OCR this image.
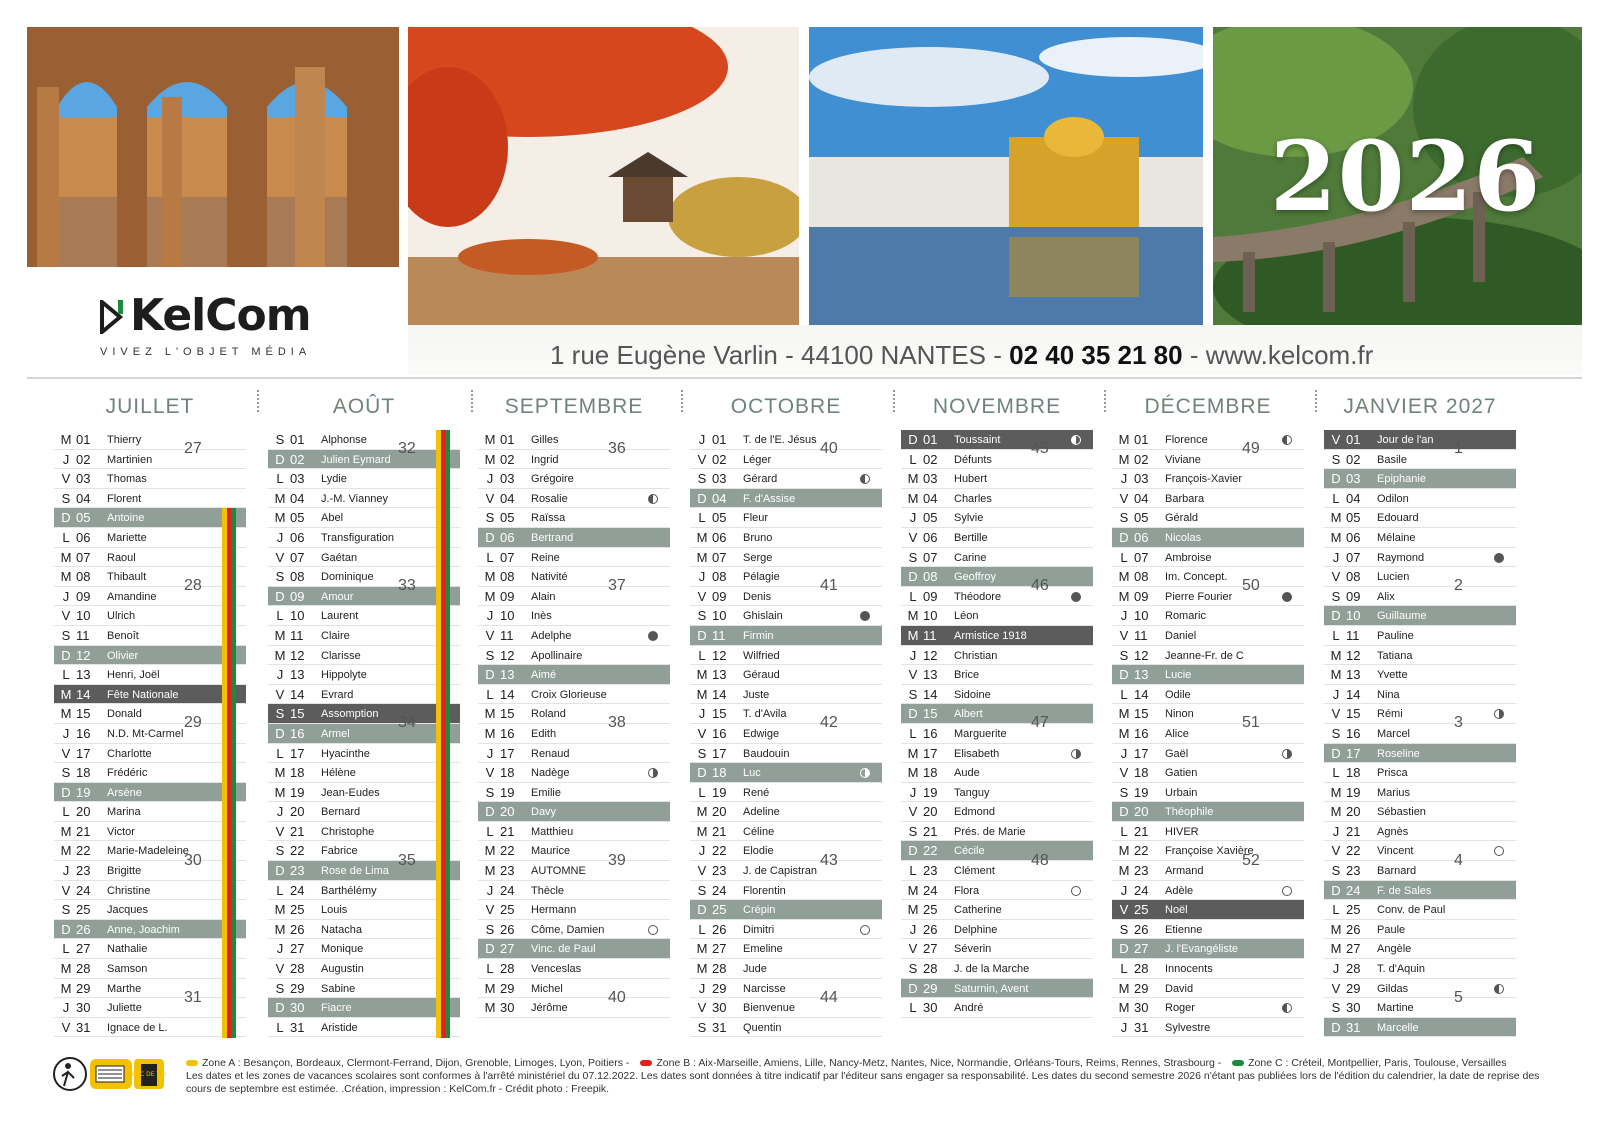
2026
KelCom
VIVEZ L'OBJET MÉDIA	1 rue Eugène Varlin - 44100 NANTES - 02 40 35 21 80 - www.kelcom.fr
JUILLET
M 01 Thierry
J 02 Martinien
V 03 Thomas
S 04 Florent
D 05 Antoine
L 06 Mariette
M 07 Raoul
M 08 Thibault
J 09 Amandine
V 10 Ulrich
S 11 Benoît
D 12 Olivier
L 13 Henri, Joël
M 14 Fête Nationale
M 15 Donald
J 16 N.D. Mt-Carmel
V 17 Charlotte
S 18 Frédéric
D 19 Arsène
L 20 Marina
M 21 Victor
M 22 Marie-Madeleine
J 23 Brigitte
V 24 Christine
S 25 Jacques
D 26 Anne, Joachim
L 27 Nathalie
M 28 Samson
M 29 Marthe
J 30 Juliette
V 31 Ignace de L.
27
28
29
30
31
AOÛT
S 01 Alphonse
D 02 Julien Eymard
L 03 Lydie
M 04 J.-M. Vianney
M 05 Abel
J 06 Transfiguration
V 07 Gaétan
S 08 Dominique
D 09 Amour
L 10 Laurent
M 11 Claire
M 12 Clarisse
J 13 Hippolyte
V 14 Evrard
S 15 Assomption
D 16 Armel
L 17 Hyacinthe
M 18 Hélène
M 19 Jean-Eudes
J 20 Bernard
V 21 Christophe
S 22 Fabrice
D 23 Rose de Lima
L 24 Barthélémy
M 25 Louis
M 26 Natacha
J 27 Monique
V 28 Augustin
S 29 Sabine
D 30 Fiacre
L 31 Aristide
32
33
34
35
SEPTEMBRE
M 01 Gilles
M 02 Ingrid
J 03 Grégoire
V 04 Rosalie
S 05 Raïssa
D 06 Bertrand
L 07 Reine
M 08 Nativité
M 09 Alain
J 10 Inès
V 11 Adelphe
S 12 Apollinaire
D 13 Aimé
L 14 Croix Glorieuse
M 15 Roland
M 16 Edith
J 17 Renaud
V 18 Nadège
S 19 Emilie
D 20 Davy
L 21 Matthieu
M 22 Maurice
M 23 AUTOMNE
J 24 Thècle
V 25 Hermann
S 26 Côme, Damien
D 27 Vinc. de Paul
L 28 Venceslas
M 29 Michel
M 30 Jérôme
36
37
38
39
40
OCTOBRE
J 01 T. de l'E. Jésus
V 02 Léger
S 03 Gérard
D 04 F. d'Assise
L 05 Fleur
M 06 Bruno
M 07 Serge
J 08 Pélagie
V 09 Denis
S 10 Ghislain
D 11 Firmin
L 12 Wilfried
M 13 Géraud
M 14 Juste
J 15 T. d'Avila
V 16 Edwige
S 17 Baudouin
D 18 Luc
L 19 René
M 20 Adeline
M 21 Céline
J 22 Elodie
V 23 J. de Capistran
S 24 Florentin
D 25 Crépin
L 26 Dimitri
M 27 Emeline
M 28 Jude
J 29 Narcisse
V 30 Bienvenue
S 31 Quentin
40
41
42
43
44
NOVEMBRE
D 01 Toussaint
L 02 Défunts
M 03 Hubert
M 04 Charles
J 05 Sylvie
V 06 Bertille
S 07 Carine
D 08 Geoffroy
L 09 Théodore
M 10 Léon
M 11 Armistice 1918
J 12 Christian
V 13 Brice
S 14 Sidoine
D 15 Albert
L 16 Marguerite
M 17 Elisabeth
M 18 Aude
J 19 Tanguy
V 20 Edmond
S 21 Prés. de Marie
D 22 Cécile
L 23 Clément
M 24 Flora
M 25 Catherine
J 26 Delphine
V 27 Séverin
S 28 J. de la Marche
D 29 Saturnin, Avent
L 30 André
45
46
47
48
DÉCEMBRE
M 01 Florence
M 02 Viviane
J 03 François-Xavier
V 04 Barbara
S 05 Gérald
D 06 Nicolas
L 07 Ambroise
M 08 Im. Concept.
M 09 Pierre Fourier
J 10 Romaric
V 11 Daniel
S 12 Jeanne-Fr. de C
D 13 Lucie
L 14 Odile
M 15 Ninon
M 16 Alice
J 17 Gaël
V 18 Gatien
S 19 Urbain
D 20 Théophile
L 21 HIVER
M 22 Françoise Xavière
M 23 Armand
J 24 Adèle
V 25 Noël
S 26 Etienne
D 27 J. l'Evangéliste
L 28 Innocents
M 29 David
M 30 Roger
J 31 Sylvestre
49
50
51
52
JANVIER 2027
V 01 Jour de l'an
S 02 Basile
D 03 Epiphanie
L 04 Odilon
M 05 Edouard
M 06 Mélaine
J 07 Raymond
V 08 Lucien
S 09 Alix
D 10 Guillaume
L 11 Pauline
M 12 Tatiana
M 13 Yvette
J 14 Nina
V 15 Rémi
S 16 Marcel
D 17 Roseline
L 18 Prisca
M 19 Marius
M 20 Sébastien
J 21 Agnès
V 22 Vincent
S 23 Barnard
D 24 F. de Sales
L 25 Conv. de Paul
M 26 Paule
M 27 Angèle
J 28 T. d'Aquin
V 29 Gildas
S 30 Martine
D 31 Marcelle
1
2
3
4
5
BAC DE TRI
Zone A : Besançon, Bordeaux, Clermont-Ferrand, Dijon, Grenoble, Limoges, Lyon, Poitiers -	Zone B : Aix-Marseille, Amiens, Lille, Nancy-Metz, Nantes, Nice, Normandie, Orléans-Tours, Reims, Rennes, Strasbourg -	Zone C : Créteil, Montpellier, Paris, Toulouse, Versailles
Les dates et les zones de vacances scolaires sont conformes à l'arrêté ministériel du 07.12.2022. Les dates sont données à titre indicatif par l'éditeur sans engager sa responsabilité. Les dates du second semestre 2026 n'étant pas publiées lors de l'édition du calendrier, la date de reprise des cours de septembre est estimée. .Création, impression : KelCom.fr - Crédit photo : Freepik.
